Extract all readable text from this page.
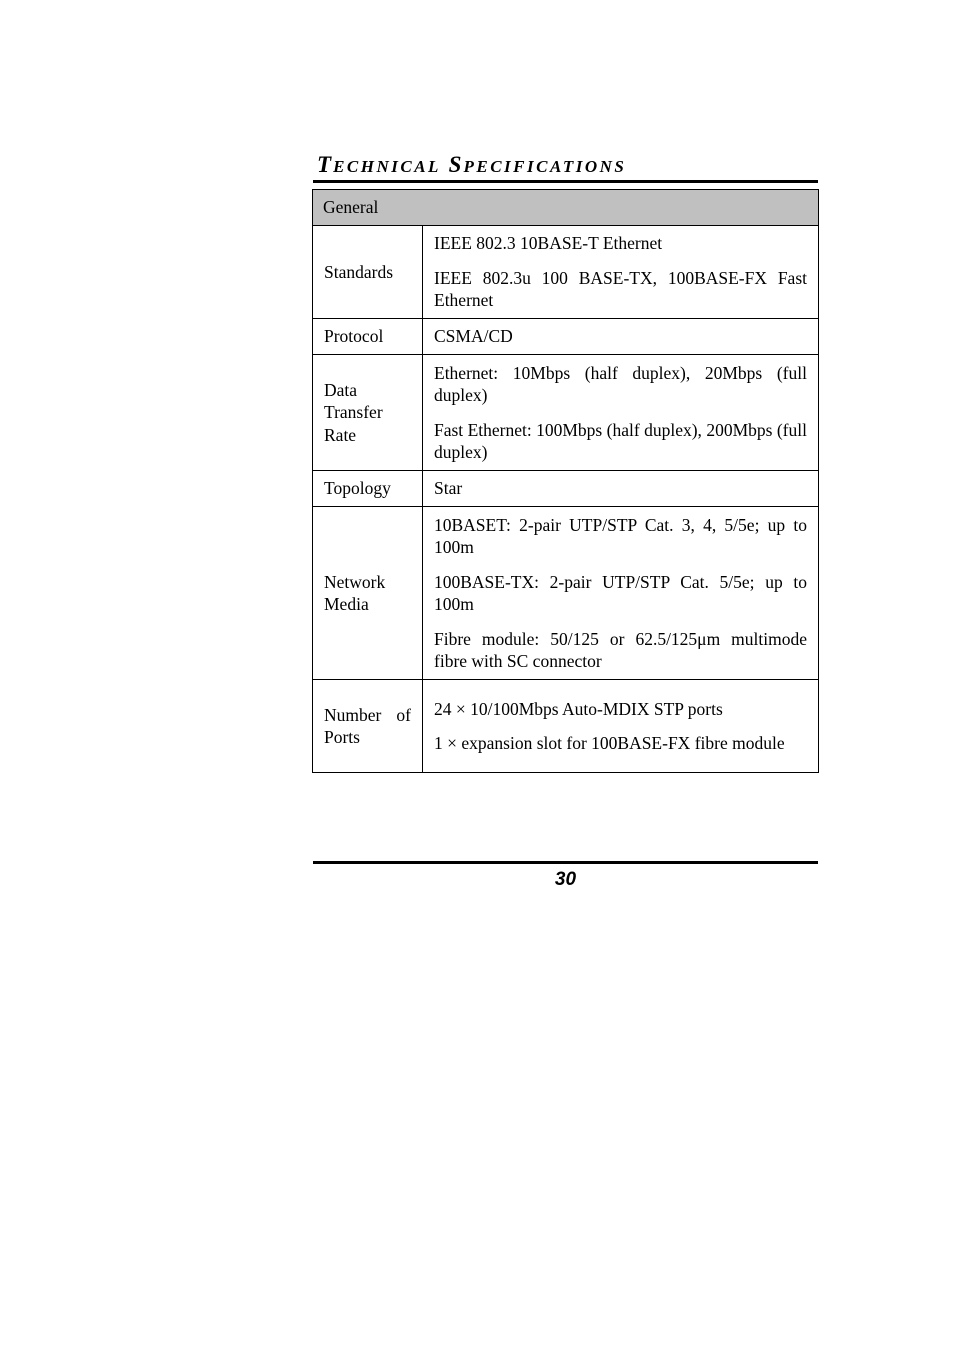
TECHNICAL SPECIFICATIONS
General	
Standards	IEEE 802.3 10BASE-T Ethernet

IEEE 802.3u 100 BASE-TX, 100BASE-FX Fast Ethernet

Protocol	CSMA/CD

Data Transfer Rate	Ethernet: 10Mbps (half duplex), 20Mbps (full duplex)

Fast Ethernet: 100Mbps (half duplex), 200Mbps (full duplex)

Topology	Star

Network Media	10BASET: 2-pair UTP/STP Cat. 3, 4, 5/5e; up to 100m

100BASE-TX: 2-pair UTP/STP Cat. 5/5e; up to 100m

Fibre module: 50/125 or 62.5/125μm multimode fibre with SC connector

Number of Ports	24 × 10/100Mbps Auto-MDIX STP ports

1 × expansion slot for 100BASE-FX fibre module

30
